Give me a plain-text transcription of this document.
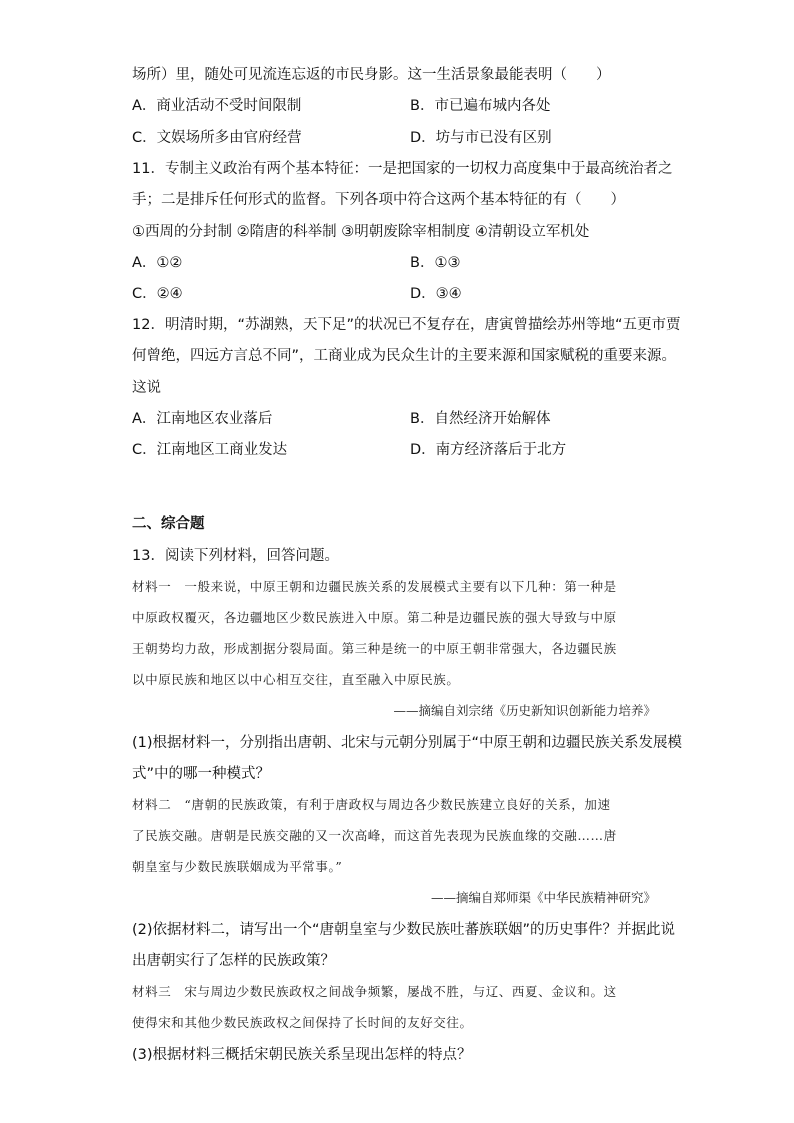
场所）里，随处可见流连忘返的市民身影。这一生活景象最能表明（　　）
A．商业活动不受时间限制	B．市已遍布城内各处
C．文娱场所多由官府经营	D．坊与市已没有区别
11．专制主义政治有两个基本特征：一是把国家的一切权力高度集中于最高统治者之
手；二是排斥任何形式的监督。下列各项中符合这两个基本特征的有（　　）
①西周的分封制 ②隋唐的科举制 ③明朝废除宰相制度 ④清朝设立军机处
A．①②	B．①③
C．②④	D．③④
12．明清时期，“苏湖熟，天下足”的状况已不复存在，唐寅曾描绘苏州等地“五更市贾
何曾绝，四远方言总不同”，工商业成为民众生计的主要来源和国家赋税的重要来源。
这说
A．江南地区农业落后	B．自然经济开始解体
C．江南地区工商业发达	D．南方经济落后于北方
二、综合题
13．阅读下列材料，回答问题。
材料一　一般来说，中原王朝和边疆民族关系的发展模式主要有以下几种：第一种是
中原政权覆灭，各边疆地区少数民族进入中原。第二种是边疆民族的强大导致与中原
王朝势均力敌，形成割据分裂局面。第三种是统一的中原王朝非常强大，各边疆民族
以中原民族和地区以中心相互交往，直至融入中原民族。
——摘编自刘宗绪《历史新知识创新能力培养》
(1)根据材料一，分别指出唐朝、北宋与元朝分别属于“中原王朝和边疆民族关系发展模
式”中的哪一种模式？
材料二　“唐朝的民族政策，有利于唐政权与周边各少数民族建立良好的关系，加速
了民族交融。唐朝是民族交融的又一次高峰，而这首先表现为民族血缘的交融……唐
朝皇室与少数民族联姻成为平常事。”
——摘编自郑师渠《中华民族精神研究》
(2)依据材料二，请写出一个“唐朝皇室与少数民族吐蕃族联姻”的历史事件？并据此说
出唐朝实行了怎样的民族政策？
材料三　宋与周边少数民族政权之间战争频繁，屡战不胜，与辽、西夏、金议和。这
使得宋和其他少数民族政权之间保持了长时间的友好交往。
(3)根据材料三概括宋朝民族关系呈现出怎样的特点？
